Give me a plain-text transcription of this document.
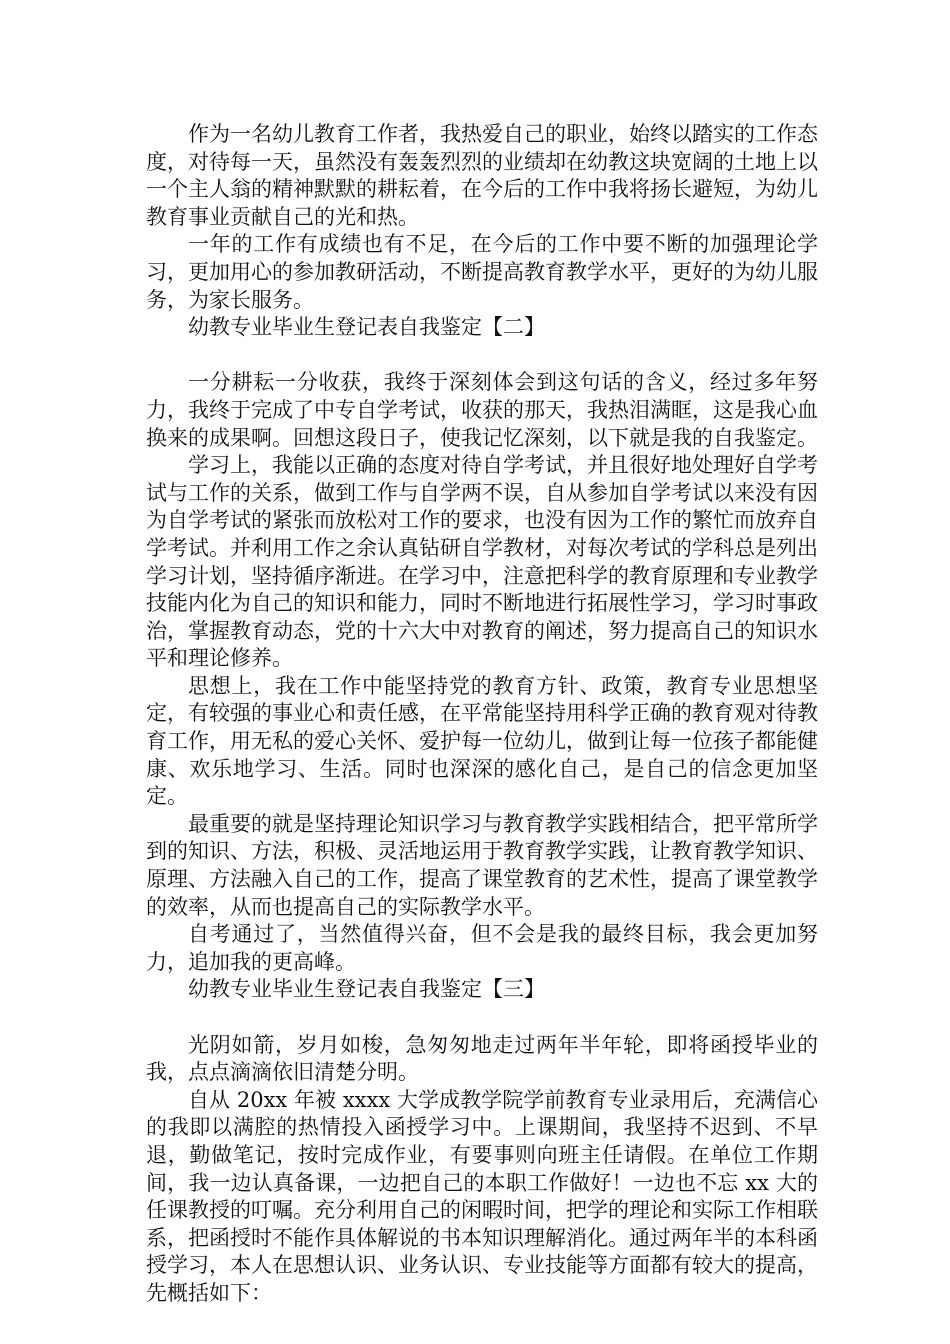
作为一名幼儿教育工作者，我热爱自己的职业，始终以踏实的工作态度，对待每一天，虽然没有轰轰烈烈的业绩却在幼教这块宽阔的土地上以一个主人翁的精神默默的耕耘着，在今后的工作中我将扬长避短，为幼儿教育事业贡献自己的光和热。

一年的工作有成绩也有不足，在今后的工作中要不断的加强理论学习，更加用心的参加教研活动，不断提高教育教学水平，更好的为幼儿服务，为家长服务。

幼教专业毕业生登记表自我鉴定【二】

一分耕耘一分收获，我终于深刻体会到这句话的含义，经过多年努力，我终于完成了中专自学考试，收获的那天，我热泪满眶，这是我心血换来的成果啊。回想这段日子，使我记忆深刻，以下就是我的自我鉴定。

学习上，我能以正确的态度对待自学考试，并且很好地处理好自学考试与工作的关系，做到工作与自学两不误，自从参加自学考试以来没有因为自学考试的紧张而放松对工作的要求，也没有因为工作的繁忙而放弃自学考试。并利用工作之余认真钻研自学教材，对每次考试的学科总是列出学习计划，坚持循序渐进。在学习中，注意把科学的教育原理和专业教学技能内化为自己的知识和能力，同时不断地进行拓展性学习，学习时事政治，掌握教育动态，党的十六大中对教育的阐述，努力提高自己的知识水平和理论修养。

思想上，我在工作中能坚持党的教育方针、政策，教育专业思想坚定，有较强的事业心和责任感，在平常能坚持用科学正确的教育观对待教育工作，用无私的爱心关怀、爱护每一位幼儿，做到让每一位孩子都能健康、欢乐地学习、生活。同时也深深的感化自己，是自己的信念更加坚定。

最重要的就是坚持理论知识学习与教育教学实践相结合，把平常所学到的知识、方法，积极、灵活地运用于教育教学实践，让教育教学知识、原理、方法融入自己的工作，提高了课堂教育的艺术性，提高了课堂教学的效率，从而也提高自己的实际教学水平。

自考通过了，当然值得兴奋，但不会是我的最终目标，我会更加努力，追加我的更高峰。

幼教专业毕业生登记表自我鉴定【三】

光阴如箭，岁月如梭，急匆匆地走过两年半年轮，即将函授毕业的我，点点滴滴依旧清楚分明。

自从 20xx 年被 xxxx 大学成教学院学前教育专业录用后，充满信心的我即以满腔的热情投入函授学习中。上课期间，我坚持不迟到、不早退，勤做笔记，按时完成作业，有要事则向班主任请假。在单位工作期间，我一边认真备课，一边把自己的本职工作做好！一边也不忘 xx 大的任课教授的叮嘱。充分利用自己的闲暇时间，把学的理论和实际工作相联系，把函授时不能作具体解说的书本知识理解消化。通过两年半的本科函授学习，本人在思想认识、业务认识、专业技能等方面都有较大的提高，先概括如下：
